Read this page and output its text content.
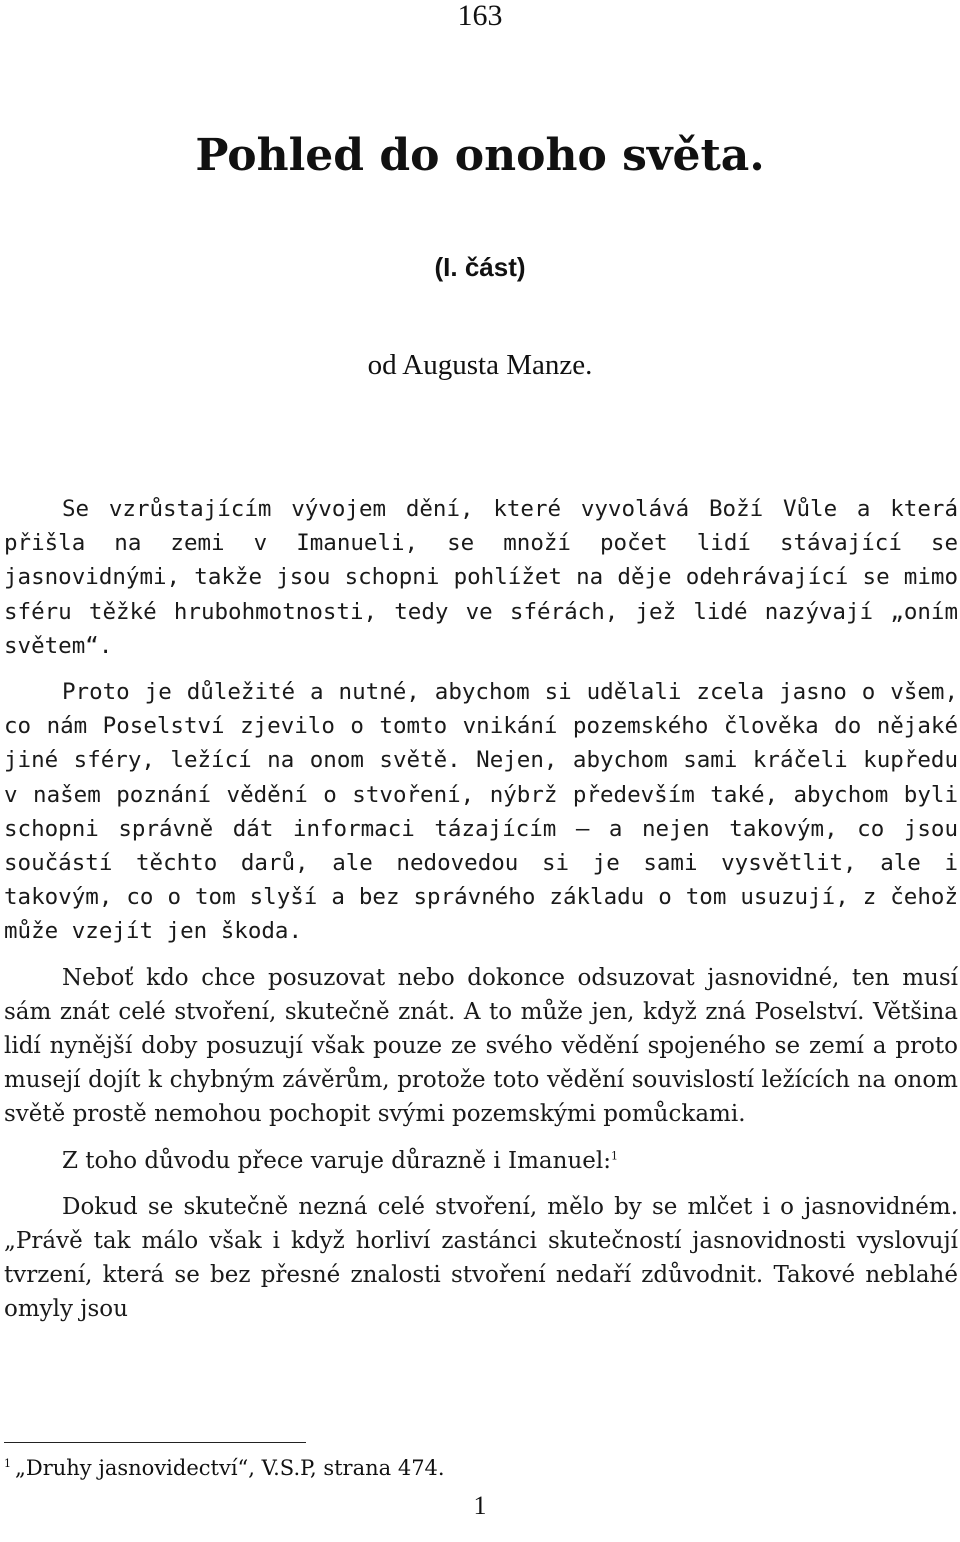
163
Pohled do onoho světa.
(I. část)
od Augusta Manze.

Se vzrůstajícím vývojem dění, které vyvolává Boží Vůle a která přišla na zemi v Imanueli, se množí počet lidí stávající se jasnovidnými, takže jsou schopni pohlížet na děje odehrávající se mimo sféru těžké hrubohmotnosti, tedy ve sférách, jež lidé nazývají „oním světem“.

Proto je důležité a nutné, abychom si udělali zcela jasno o všem, co nám Poselství zjevilo o tomto vnikání pozemského člověka do nějaké jiné sféry, ležící na onom světě. Nejen, abychom sami kráčeli kupředu v našem poznání vědění o stvoření, nýbrž především také, abychom byli schopni správně dát informaci tázajícím – a nejen takovým, co jsou součástí těchto darů, ale nedovedou si je sami vysvětlit, ale i takovým, co o tom slyší a bez správného základu o tom usuzují, z čehož může vzejít jen škoda.

Neboť kdo chce posuzovat nebo dokonce odsuzovat jasnovidné, ten musí sám znát celé stvoření, skutečně znát. A to může jen, když zná Poselství. Většina lidí nynější doby posuzují však pouze ze svého vědění spojeného se zemí a proto musejí dojít k chybným závěrům, protože toto vědění souvislostí ležících na onom světě prostě nemohou pochopit svými pozemskými pomůckami.

Z toho důvodu přece varuje důrazně i Imanuel:$^1$

Dokud se skutečně nezná celé stvoření, mělo by se mlčet i o jasnovidném. „Právě tak málo však i když horliví zastánci skutečností jasnovidnosti vyslovují tvrzení, která se bez přesné znalosti stvoření nedaří zdůvodnit. Takové neblahé omyly jsou

$^1$ „Druhy jasnovidectví“, V.S.P, strana 474.
1
